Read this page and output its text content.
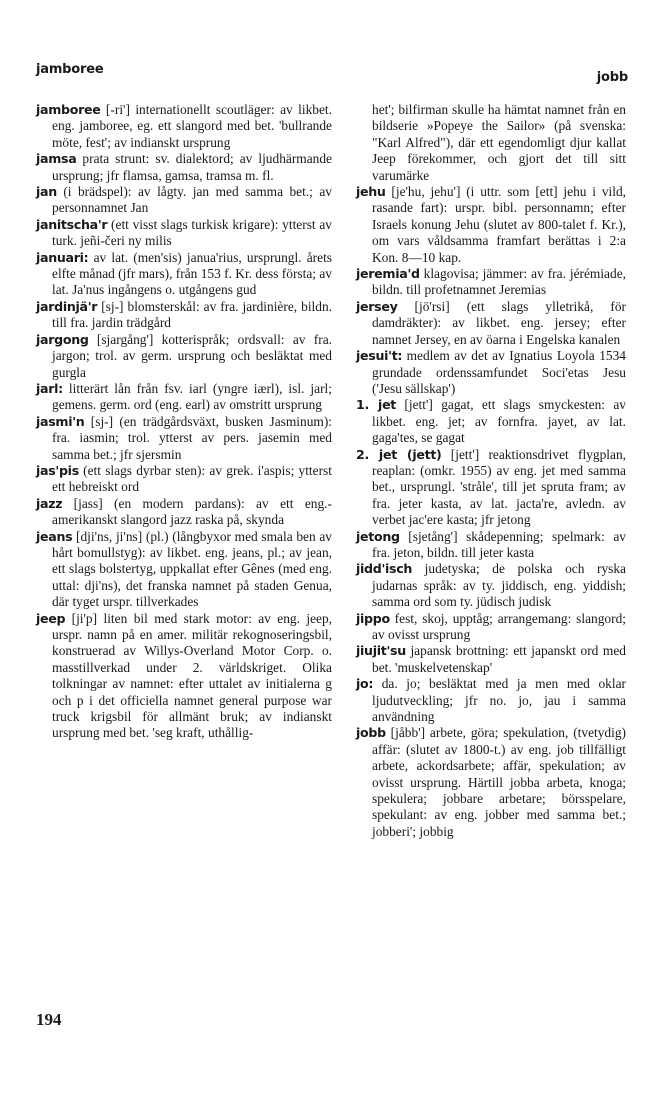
jamboree
jobb

jamboree [-ri'] internationellt scoutläger: av likbet. eng. jamboree, eg. ett slangord med bet. 'bullrande möte, fest'; av indianskt ursprung

jamsa prata strunt: sv. dialektord; av ljudhärmande ursprung; jfr flamsa, gamsa, tramsa m. fl.

jan (i brädspel): av lågty. jan med samma bet.; av personnamnet Jan

janitscha'r (ett visst slags turkisk krigare): ytterst av turk. jeñi-čeri ny milis

januari: av lat. (men'sis) janua'rius, ursprungl. årets elfte månad (jfr mars), från 153 f. Kr. dess första; av lat. Ja'nus ingångens o. utgångens gud

jardinjä'r [sj-] blomsterskål: av fra. jardinière, bildn. till fra. jardin trädgård

jargong [sjargång'] kotterispråk; ordsvall: av fra. jargon; trol. av germ. ursprung och besläktat med gurgla

jarl: litterärt lån från fsv. iarl (yngre iærl), isl. jarl; gemens. germ. ord (eng. earl) av omstritt ursprung

jasmi'n [sj-] (en trädgårdsväxt, busken Jasminum): fra. iasmin; trol. ytterst av pers. jasemin med samma bet.; jfr sjersmin

jas'pis (ett slags dyrbar sten): av grek. i'aspis; ytterst ett hebreiskt ord

jazz [jass] (en modern pardans): av ett eng.-amerikanskt slangord jazz raska på, skynda

jeans [dji'ns, ji'ns] (pl.) (långbyxor med smala ben av hårt bomullstyg): av likbet. eng. jeans, pl.; av jean, ett slags bolstertyg, uppkallat efter Gênes (med eng. uttal: dji'ns), det franska namnet på staden Genua, där tyget urspr. tillverkades

jeep [ji'p] liten bil med stark motor: av eng. jeep, urspr. namn på en amer. militär rekognoseringsbil, konstruerad av Willys-Overland Motor Corp. o. masstillverkad under 2. världskriget. Olika tolkningar av namnet: efter uttalet av initialerna g och p i det officiella namnet general purpose war truck krigsbil för allmänt bruk; av indianskt ursprung med bet. 'seg kraft, uthållig-

het'; bilfirman skulle ha hämtat namnet från en bildserie »Popeye the Sailor» (på svenska: "Karl Alfred"), där ett egendomligt djur kallat Jeep förekommer, och gjort det till sitt varumärke

jehu [je'hu, jehu'] (i uttr. som [ett] jehu i vild, rasande fart): urspr. bibl. personnamn; efter Israels konung Jehu (slutet av 800-talet f. Kr.), om vars våldsamma framfart berättas i 2:a Kon. 8—10 kap.

jeremia'd klagovisa; jämmer: av fra. jérémiade, bildn. till profetnamnet Jeremias

jersey [jö'rsi] (ett slags ylletrikå, för damdräkter): av likbet. eng. jersey; efter namnet Jersey, en av öarna i Engelska kanalen

jesui't: medlem av det av Ignatius Loyola 1534 grundade ordenssamfundet Soci'etas Jesu ('Jesu sällskap')

1. jet [jett'] gagat, ett slags smyckesten: av likbet. eng. jet; av fornfra. jayet, av lat. gaga'tes, se gagat

2. jet (jett) [jett'] reaktionsdrivet flygplan, reaplan: (omkr. 1955) av eng. jet med samma bet., ursprungl. 'stråle', till jet spruta fram; av fra. jeter kasta, av lat. jacta're, avledn. av verbet jac'ere kasta; jfr jetong

jetong [sjetång'] skådepenning; spelmark: av fra. jeton, bildn. till jeter kasta

jidd'isch judetyska; de polska och ryska judarnas språk: av ty. jiddisch, eng. yiddish; samma ord som ty. jüdisch judisk

jippo fest, skoj, upptåg; arrangemang: slangord; av ovisst ursprung

jiujit'su japansk brottning: ett japanskt ord med bet. 'muskelvetenskap'

jo: da. jo; besläktat med ja men med oklar ljudutveckling; jfr no. jo, jau i samma användning

jobb [jåbb'] arbete, göra; spekulation, (tvetydig) affär: (slutet av 1800-t.) av eng. job tillfälligt arbete, ackordsarbete; affär, spekulation; av ovisst ursprung. Härtill jobba arbeta, knoga; spekulera; jobbare arbetare; börsspelare, spekulant: av eng. jobber med samma bet.; jobberi'; jobbig

194
